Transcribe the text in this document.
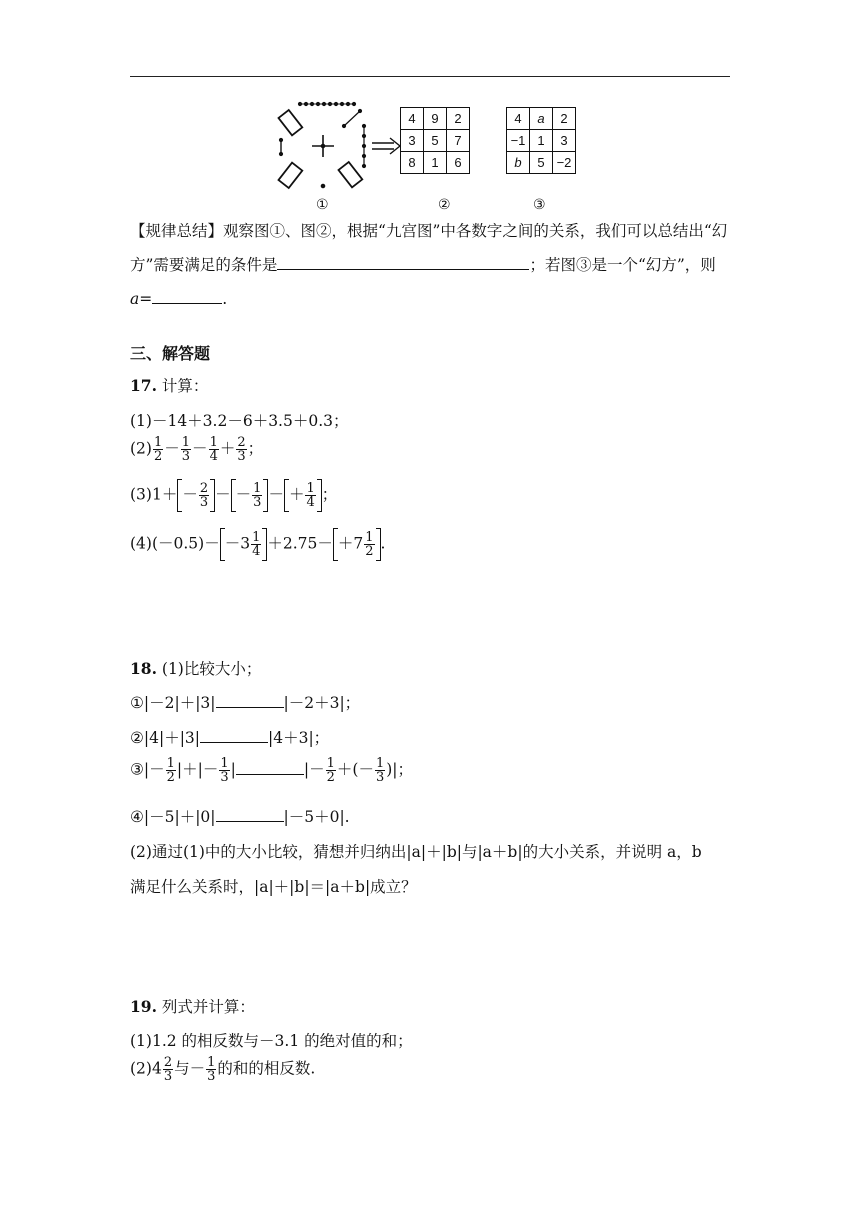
4	9	2
3	5	7
8	1	6
4	a	2
−1	1	3
b	5	−2
①	②	③
【规律总结】观察图①、图②，根据“九宫图”中各数字之间的关系，我们可以总结出“幻方”需要满足的条件是	；若图③是一个“幻方”，则 a=	.
三、解答题
17. 计算：
(1)－14＋3.2－6＋3.5＋0.3；
$(2) \frac{1}{2} - \frac{1}{3} - \frac{1}{4} + \frac{2}{3}$ ；
$(3)1+ - \frac{2}{3}$ － － $\frac{1}{3}$ － ＋ $\frac{1}{4}$ ；
$(4)(-0.5)- -3 \frac{1}{4} +2.75- +7 \frac{1}{2}$ .
18. (1)比较大小；
①|－2|＋|3|	|－2＋3|；
②|4|＋|3|	|4＋3|；
③|－ $\frac{1}{2}$ |＋|－ $\frac{1}{3}$ |	|－ $\frac{1}{2}$ ＋(－ $\frac{1}{3}$ )|；
④|－5|＋|0|	|－5＋0|.
(2)通过(1)中的大小比较，猜想并归纳出|a|＋|b|与|a＋b|的大小关系，并说明 a，b
满足什么关系时，|a|＋|b|＝|a＋b|成立？
19. 列式并计算：
(1)1.2 的相反数与－3.1 的绝对值的和；
$(2)4 \frac{2}{3}$ 与－ $\frac{1}{3}$ 的和的相反数.
